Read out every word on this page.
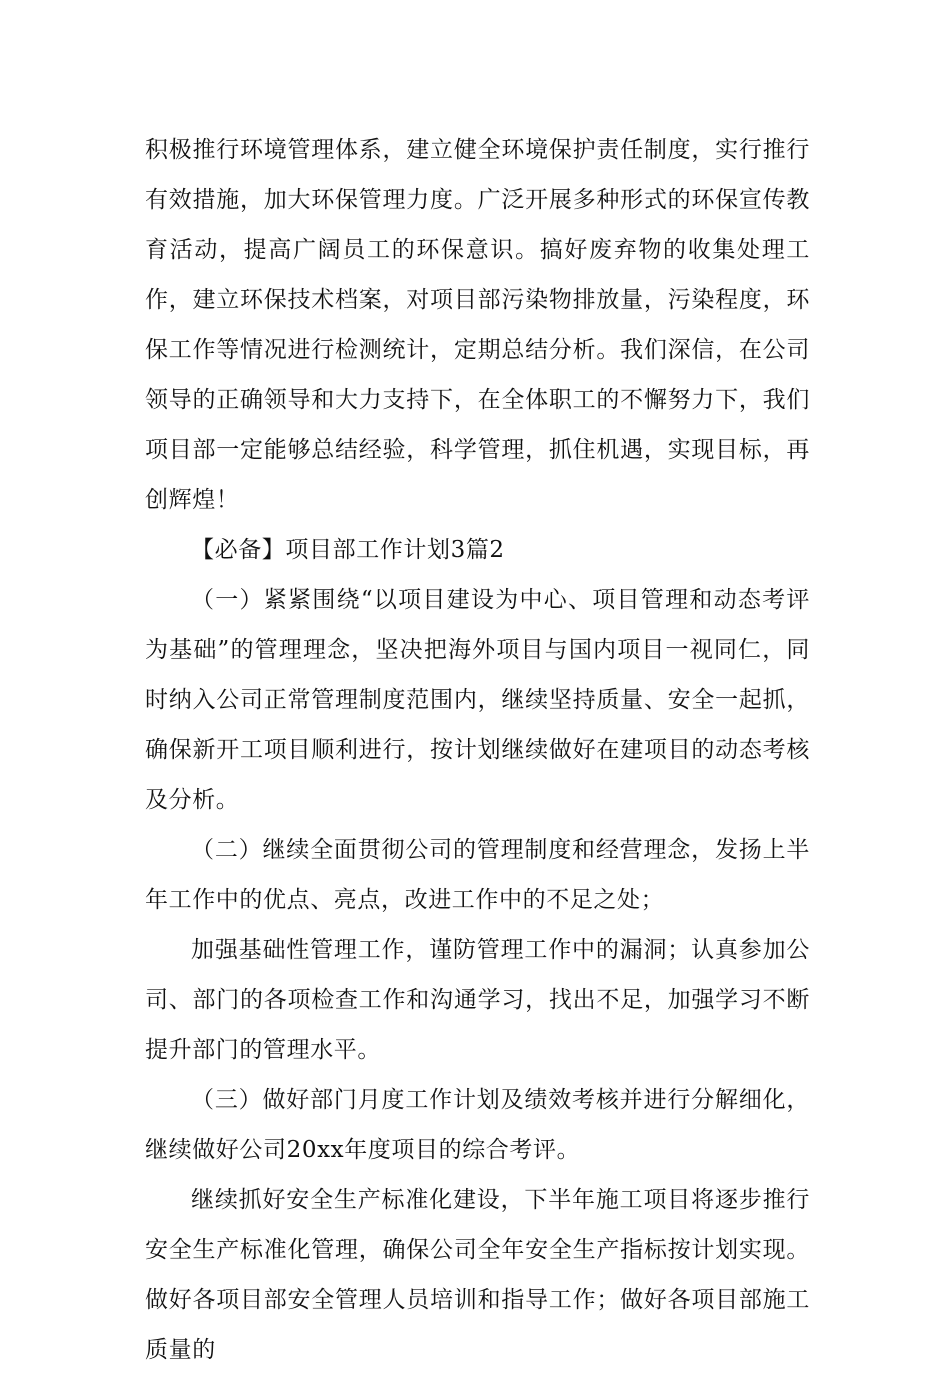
积极推行环境管理体系，建立健全环境保护责任制度，实行推行有效措施，加大环保管理力度。广泛开展多种形式的环保宣传教育活动，提高广阔员工的环保意识。搞好废弃物的收集处理工作，建立环保技术档案，对项目部污染物排放量，污染程度，环保工作等情况进行检测统计，定期总结分析。我们深信，在公司领导的正确领导和大力支持下，在全体职工的不懈努力下，我们项目部一定能够总结经验，科学管理，抓住机遇，实现目标，再创辉煌！

【必备】项目部工作计划3篇2

（一）紧紧围绕“以项目建设为中心、项目管理和动态考评为基础”的管理理念，坚决把海外项目与国内项目一视同仁，同时纳入公司正常管理制度范围内，继续坚持质量、安全一起抓，确保新开工项目顺利进行，按计划继续做好在建项目的动态考核及分析。

（二）继续全面贯彻公司的管理制度和经营理念，发扬上半年工作中的优点、亮点，改进工作中的不足之处；

加强基础性管理工作，谨防管理工作中的漏洞；认真参加公司、部门的各项检查工作和沟通学习，找出不足，加强学习不断提升部门的管理水平。

（三）做好部门月度工作计划及绩效考核并进行分解细化，继续做好公司20xx年度项目的综合考评。

继续抓好安全生产标准化建设，下半年施工项目将逐步推行安全生产标准化管理，确保公司全年安全生产指标按计划实现。做好各项目部安全管理人员培训和指导工作；做好各项目部施工质量的
